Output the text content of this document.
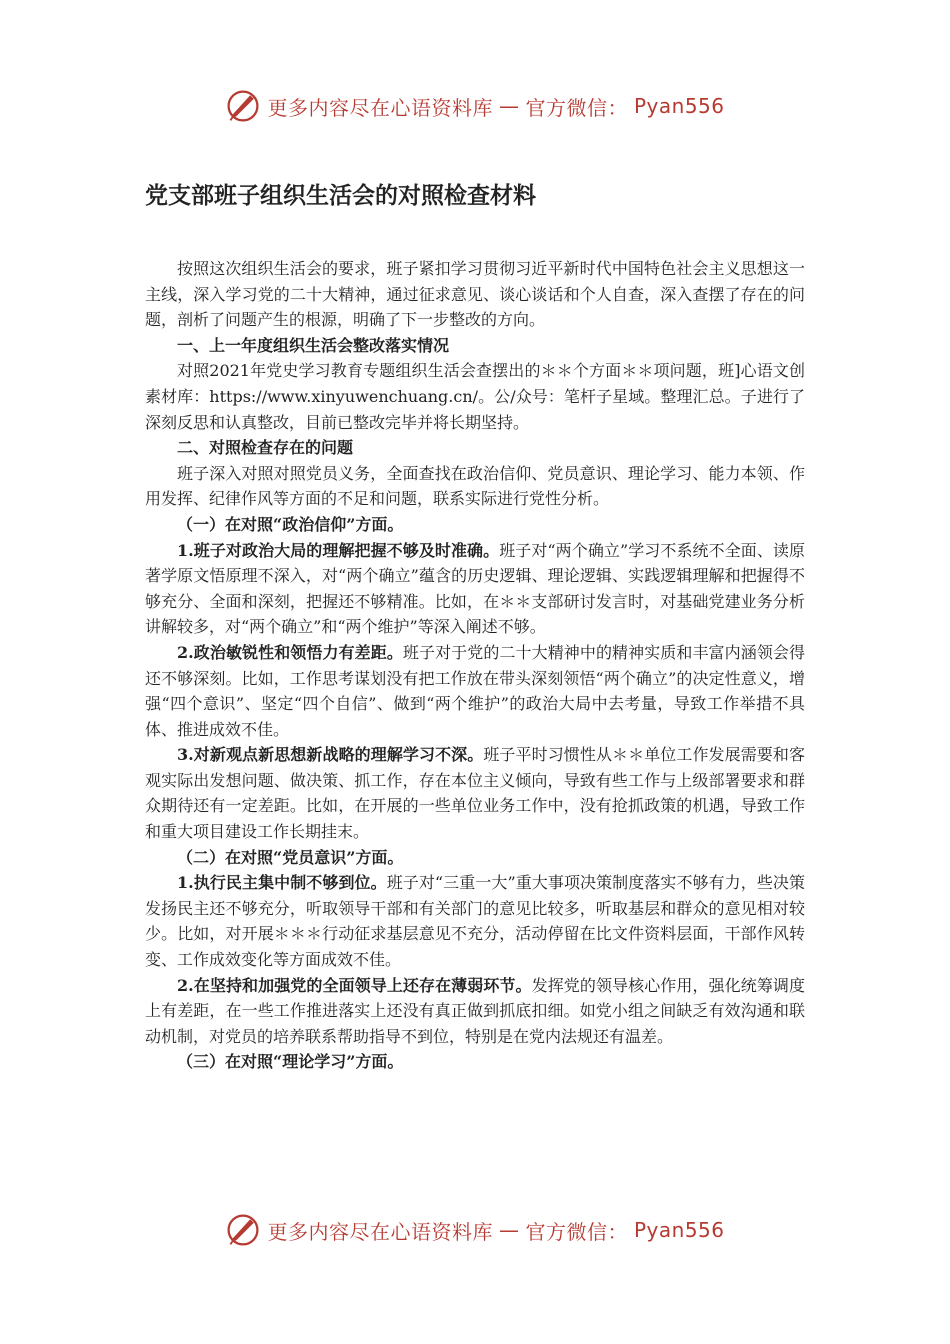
更多内容尽在心语资料库 — 官方微信： Pyan556
党支部班子组织生活会的对照检查材料

按照这次组织生活会的要求，班子紧扣学习贯彻习近平新时代中国特色社会主义思想这一主线，深入学习党的二十大精神，通过征求意见、谈心谈话和个人自查，深入查摆了存在的问题，剖析了问题产生的根源，明确了下一步整改的方向。

一、上一年度组织生活会整改落实情况

对照2021年党史学习教育专题组织生活会查摆出的＊＊个方面＊＊项问题，班]心语文创素材库：https://www.xinyuwenchuang.cn/。公/众号：笔杆子星域。整理汇总。子进行了深刻反思和认真整改，目前已整改完毕并将长期坚持。

二、对照检查存在的问题

班子深入对照对照党员义务，全面查找在政治信仰、党员意识、理论学习、能力本领、作用发挥、纪律作风等方面的不足和问题，联系实际进行党性分析。

（一）在对照“政治信仰”方面。

1.班子对政治大局的理解把握不够及时准确。班子对“两个确立”学习不系统不全面、读原著学原文悟原理不深入，对“两个确立”蕴含的历史逻辑、理论逻辑、实践逻辑理解和把握得不够充分、全面和深刻，把握还不够精准。比如，在＊＊支部研讨发言时，对基础党建业务分析讲解较多，对“两个确立”和“两个维护”等深入阐述不够。

2.政治敏锐性和领悟力有差距。班子对于党的二十大精神中的精神实质和丰富内涵领会得还不够深刻。比如，工作思考谋划没有把工作放在带头深刻领悟“两个确立”的决定性意义，增强“四个意识”、坚定“四个自信”、做到“两个维护”的政治大局中去考量，导致工作举措不具体、推进成效不佳。

3.对新观点新思想新战略的理解学习不深。班子平时习惯性从＊＊单位工作发展需要和客观实际出发想问题、做决策、抓工作，存在本位主义倾向，导致有些工作与上级部署要求和群众期待还有一定差距。比如，在开展的一些单位业务工作中，没有抢抓政策的机遇，导致工作和重大项目建设工作长期挂末。

（二）在对照“党员意识”方面。

1.执行民主集中制不够到位。班子对“三重一大”重大事项决策制度落实不够有力，些决策发扬民主还不够充分，听取领导干部和有关部门的意见比较多，听取基层和群众的意见相对较少。比如，对开展＊＊＊行动征求基层意见不充分，活动停留在比文件资料层面，干部作风转变、工作成效变化等方面成效不佳。

2.在坚持和加强党的全面领导上还存在薄弱环节。发挥党的领导核心作用，强化统筹调度上有差距，在一些工作推进落实上还没有真正做到抓底扣细。如党小组之间缺乏有效沟通和联动机制，对党员的培养联系帮助指导不到位，特别是在党内法规还有温差。

（三）在对照“理论学习”方面。

更多内容尽在心语资料库 — 官方微信： Pyan556
